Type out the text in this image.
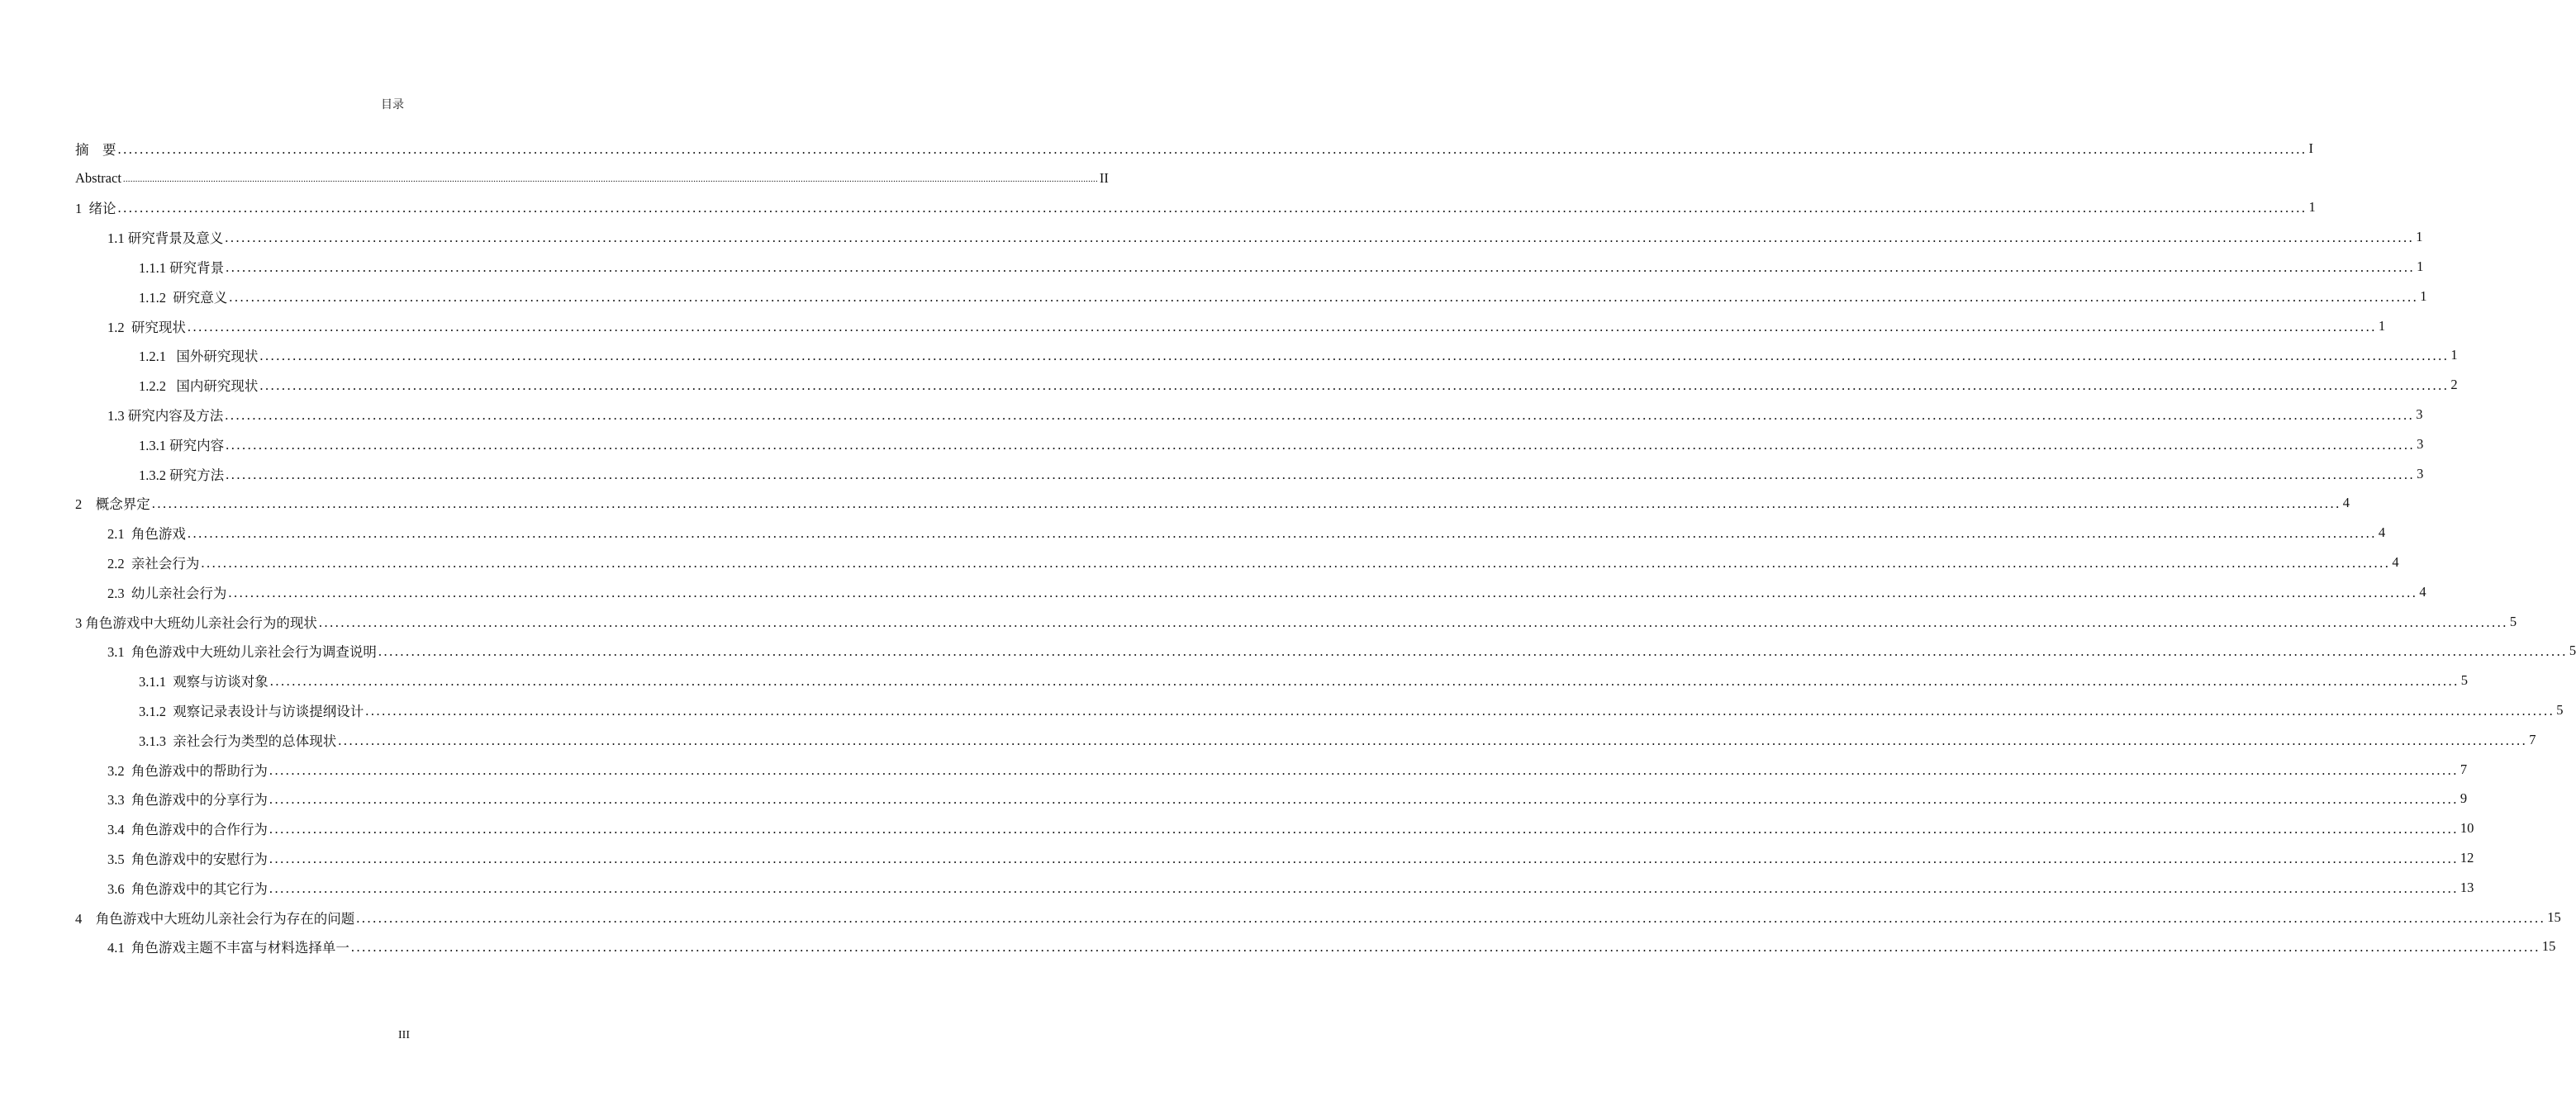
目录
摘    要 ................................................................................................................................................................................................................................................................................................................................................................................................................ I
Abstract ................................................................................................................................................................................................................................................................................................................................................................................................................ II
1  绪论 ................................................................................................................................................................................................................................................................................................................................................................................................................ 1
1.1 研究背景及意义 ................................................................................................................................................................................................................................................................................................................................................................................................................ 1
1.1.1 研究背景 ................................................................................................................................................................................................................................................................................................................................................................................................................ 1
1.1.2  研究意义 ................................................................................................................................................................................................................................................................................................................................................................................................................ 1
1.2  研究现状 ................................................................................................................................................................................................................................................................................................................................................................................................................ 1
1.2.1   国外研究现状 ................................................................................................................................................................................................................................................................................................................................................................................................................ 1
1.2.2   国内研究现状 ................................................................................................................................................................................................................................................................................................................................................................................................................ 2
1.3 研究内容及方法 ................................................................................................................................................................................................................................................................................................................................................................................................................ 3
1.3.1 研究内容 ................................................................................................................................................................................................................................................................................................................................................................................................................ 3
1.3.2 研究方法 ................................................................................................................................................................................................................................................................................................................................................................................................................ 3
2    概念界定 ................................................................................................................................................................................................................................................................................................................................................................................................................ 4
2.1  角色游戏 ................................................................................................................................................................................................................................................................................................................................................................................................................ 4
2.2  亲社会行为 ................................................................................................................................................................................................................................................................................................................................................................................................................ 4
2.3  幼儿亲社会行为 ................................................................................................................................................................................................................................................................................................................................................................................................................ 4
3 角色游戏中大班幼儿亲社会行为的现状 ................................................................................................................................................................................................................................................................................................................................................................................................................ 5
3.1  角色游戏中大班幼儿亲社会行为调查说明 ................................................................................................................................................................................................................................................................................................................................................................................................................ 5
3.1.1  观察与访谈对象 ................................................................................................................................................................................................................................................................................................................................................................................................................ 5
3.1.2  观察记录表设计与访谈提纲设计 ................................................................................................................................................................................................................................................................................................................................................................................................................ 5
3.1.3  亲社会行为类型的总体现状 ................................................................................................................................................................................................................................................................................................................................................................................................................ 7
3.2  角色游戏中的帮助行为 ................................................................................................................................................................................................................................................................................................................................................................................................................ 7
3.3  角色游戏中的分享行为 ................................................................................................................................................................................................................................................................................................................................................................................................................ 9
3.4  角色游戏中的合作行为 ................................................................................................................................................................................................................................................................................................................................................................................................................ 10
3.5  角色游戏中的安慰行为 ................................................................................................................................................................................................................................................................................................................................................................................................................ 12
3.6  角色游戏中的其它行为 ................................................................................................................................................................................................................................................................................................................................................................................................................ 13
4    角色游戏中大班幼儿亲社会行为存在的问题 ................................................................................................................................................................................................................................................................................................................................................................................................................ 15
4.1  角色游戏主题不丰富与材料选择单一 ................................................................................................................................................................................................................................................................................................................................................................................................................ 15
III
